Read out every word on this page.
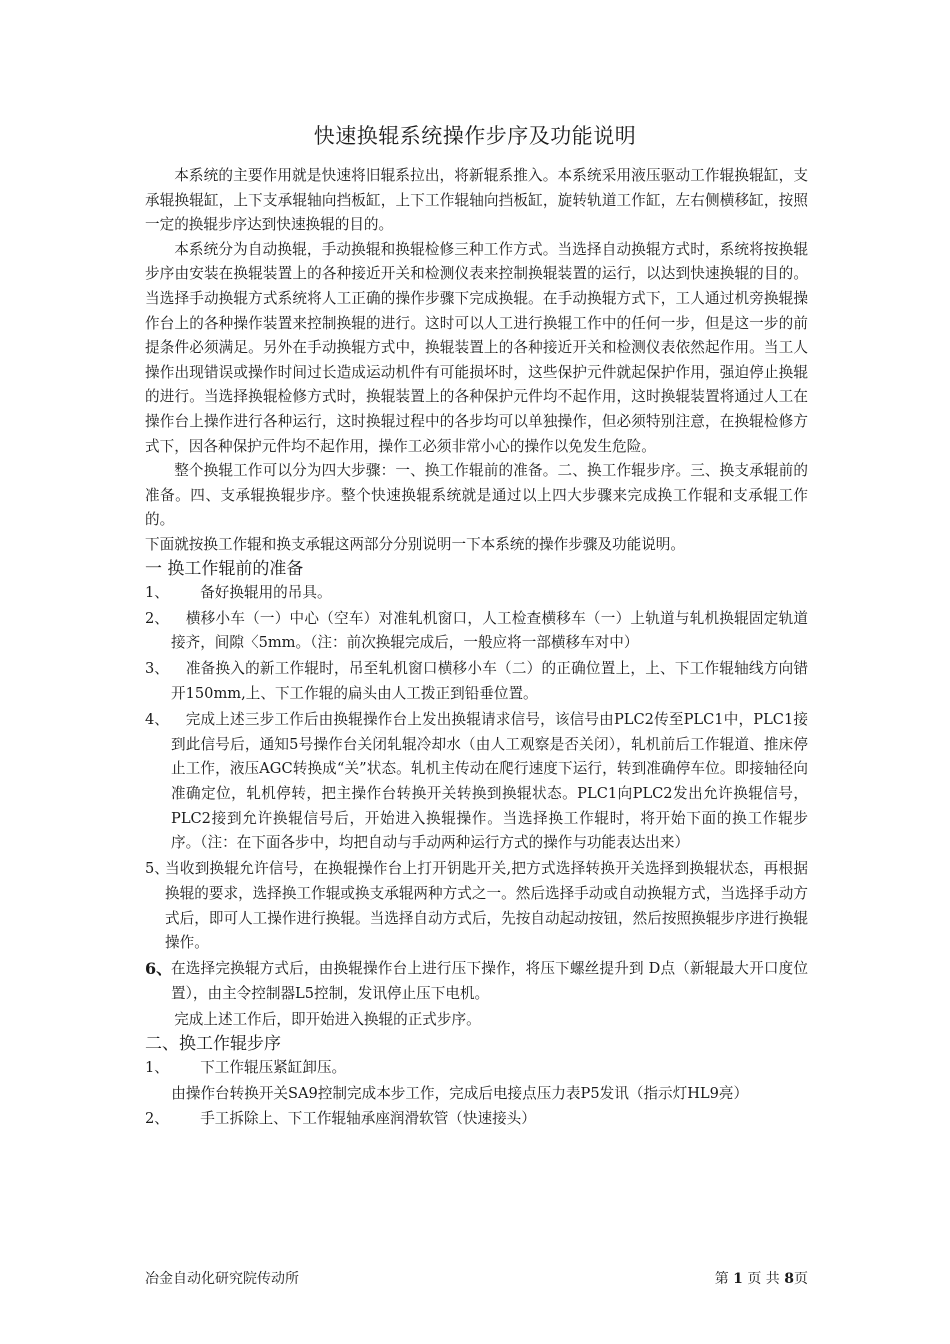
快速换辊系统操作步序及功能说明

本系统的主要作用就是快速将旧辊系拉出，将新辊系推入。本系统采用液压驱动工作辊换辊缸，支承辊换辊缸，上下支承辊轴向挡板缸，上下工作辊轴向挡板缸，旋转轨道工作缸，左右侧横移缸，按照一定的换辊步序达到快速换辊的目的。

本系统分为自动换辊，手动换辊和换辊检修三种工作方式。当选择自动换辊方式时，系统将按换辊步序由安装在换辊装置上的各种接近开关和检测仪表来控制换辊装置的运行，以达到快速换辊的目的。当选择手动换辊方式系统将人工正确的操作步骤下完成换辊。在手动换辊方式下，工人通过机旁换辊操作台上的各种操作装置来控制换辊的进行。这时可以人工进行换辊工作中的任何一步，但是这一步的前提条件必须满足。另外在手动换辊方式中，换辊装置上的各种接近开关和检测仪表依然起作用。当工人操作出现错误或操作时间过长造成运动机件有可能损坏时，这些保护元件就起保护作用，强迫停止换辊的进行。当选择换辊检修方式时，换辊装置上的各种保护元件均不起作用，这时换辊装置将通过人工在操作台上操作进行各种运行，这时换辊过程中的各步均可以单独操作，但必须特别注意，在换辊检修方式下，因各种保护元件均不起作用，操作工必须非常小心的操作以免发生危险。

整个换辊工作可以分为四大步骤：一、换工作辊前的准备。二、换工作辊步序。三、换支承辊前的准备。四、支承辊换辊步序。整个快速换辊系统就是通过以上四大步骤来完成换工作辊和支承辊工作的。

下面就按换工作辊和换支承辊这两部分分别说明一下本系统的操作步骤及功能说明。

一 换工作辊前的准备

1、 　　备好换辊用的吊具。
2、 　横移小车（一）中心（空车）对准轧机窗口，人工检查横移车（一）上轨道与轧机换辊固定轨道接齐，间隙〈5mm。（注：前次换辊完成后，一般应将一部横移车对中）
3、 　准备换入的新工作辊时，吊至轧机窗口横移小车（二）的正确位置上，上、下工作辊轴线方向错开150mm,上、下工作辊的扁头由人工拨正到铅垂位置。
4、 　完成上述三步工作后由换辊操作台上发出换辊请求信号，该信号由PLC2传至PLC1中，PLC1接到此信号后，通知5号操作台关闭轧辊冷却水（由人工观察是否关闭），轧机前后工作辊道、推床停止工作，液压AGC转换成“关”状态。轧机主传动在爬行速度下运行，转到准确停车位。即接轴径向准确定位，轧机停转，把主操作台转换开关转换到换辊状态。PLC1向PLC2发出允许换辊信号，PLC2接到允许换辊信号后，开始进入换辊操作。当选择换工作辊时，将开始下面的换工作辊步序。（注：在下面各步中，均把自动与手动两种运行方式的操作与功能表达出来）
5、
当收到换辊允许信号，在换辊操作台上打开钥匙开关,把方式选择转换开关选择到换辊状态，再根据换辊的要求，选择换工作辊或换支承辊两种方式之一。然后选择手动或自动换辊方式，当选择手动方式后，即可人工操作进行换辊。当选择自动方式后，先按自动起动按钮，然后按照换辊步序进行换辊操作。
6、
在选择完换辊方式后，由换辊操作台上进行压下操作，将压下螺丝提升到 D点（新辊最大开口度位置），由主令控制器L5控制，发讯停止压下电机。

完成上述工作后，即开始进入换辊的正式步序。

二、换工作辊步序

1、 　　下工作辊压紧缸卸压。

由操作台转换开关SA9控制完成本步工作，完成后电接点压力表P5发讯（指示灯HL9亮）

2、 　　手工拆除上、下工作辊轴承座润滑软管（快速接头）
冶金自动化研究院传动所	第 1 页 共 8页
